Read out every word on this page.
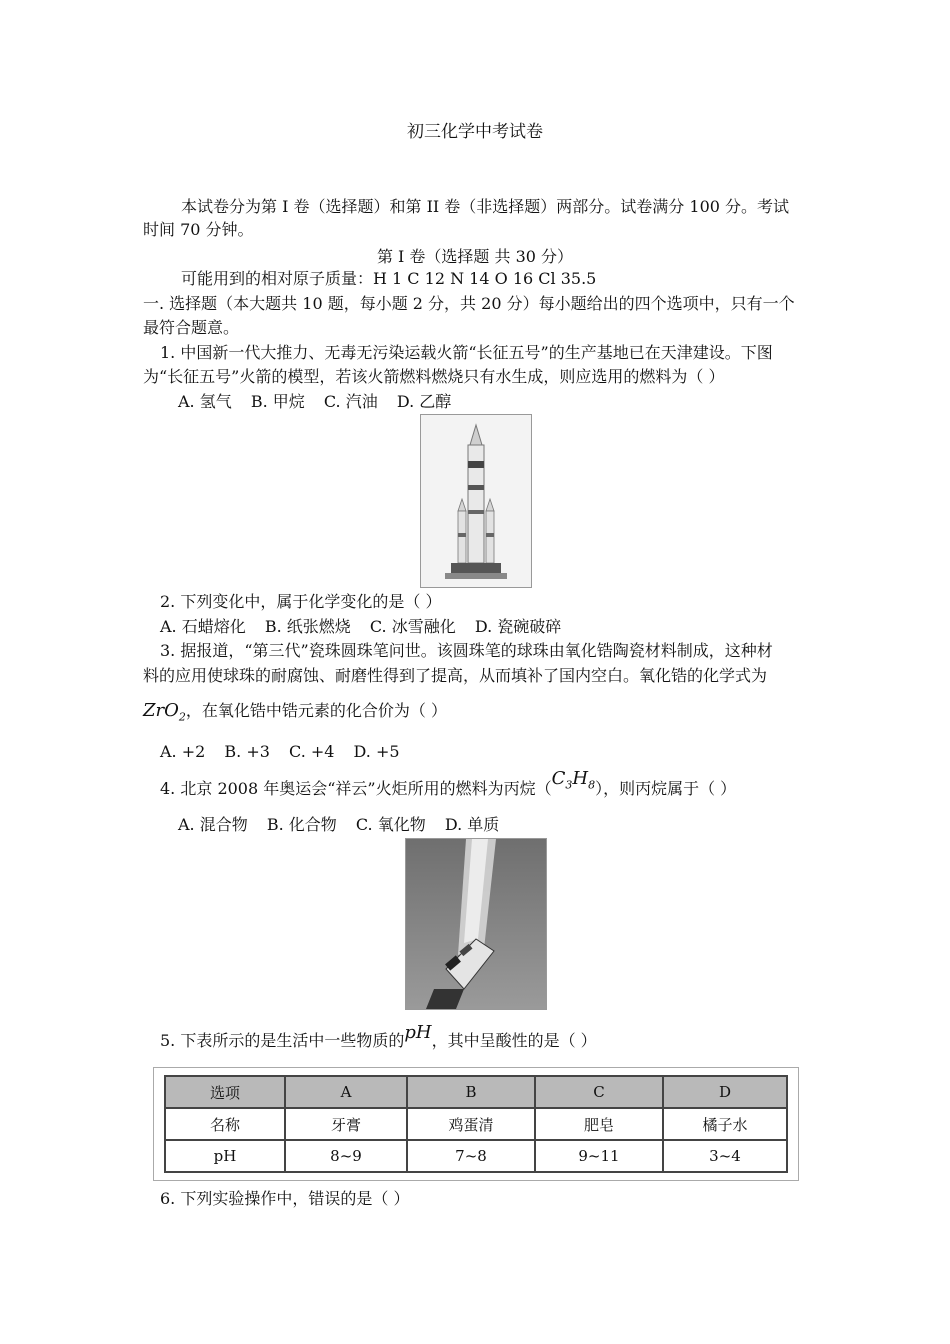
初三化学中考试卷
本试卷分为第 I 卷（选择题）和第 II 卷（非选择题）两部分。试卷满分 100 分。考试
时间 70 分钟。
第 I 卷（选择题 共 30 分）
可能用到的相对原子质量：H 1 C 12 N 14 O 16 Cl 35.5
一. 选择题（本大题共 10 题，每小题 2 分，共 20 分）每小题给出的四个选项中，只有一个
最符合题意。
1. 中国新一代大推力、无毒无污染运载火箭“长征五号”的生产基地已在天津建设。下图
为“长征五号”火箭的模型，若该火箭燃料燃烧只有水生成，则应选用的燃料为（ ）
A. 氢气 B. 甲烷 C. 汽油 D. 乙醇
2. 下列变化中，属于化学变化的是（ ）
A. 石蜡熔化 B. 纸张燃烧 C. 冰雪融化 D. 瓷碗破碎
3. 据报道，“第三代”瓷珠圆珠笔问世。该圆珠笔的球珠由氧化锆陶瓷材料制成，这种材
料的应用使球珠的耐腐蚀、耐磨性得到了提高，从而填补了国内空白。氧化锆的化学式为
ZrO$_2$，在氧化锆中锆元素的化合价为（ ）
A. +2 B. +3 C. +4 D. +5
4. 北京 2008 年奥运会“祥云”火炬所用的燃料为丙烷$(C_3H_8)$，则丙烷属于（ ）
A. 混合物 B. 化合物 C. 氧化物 D. 单质
5. 下表所示的是生活中一些物质的pH，其中呈酸性的是（ ）
选项	A	B	C	D
名称	牙膏	鸡蛋清	肥皂	橘子水
pH	8~9	7~8	9~11	3~4
6. 下列实验操作中，错误的是（ ）
